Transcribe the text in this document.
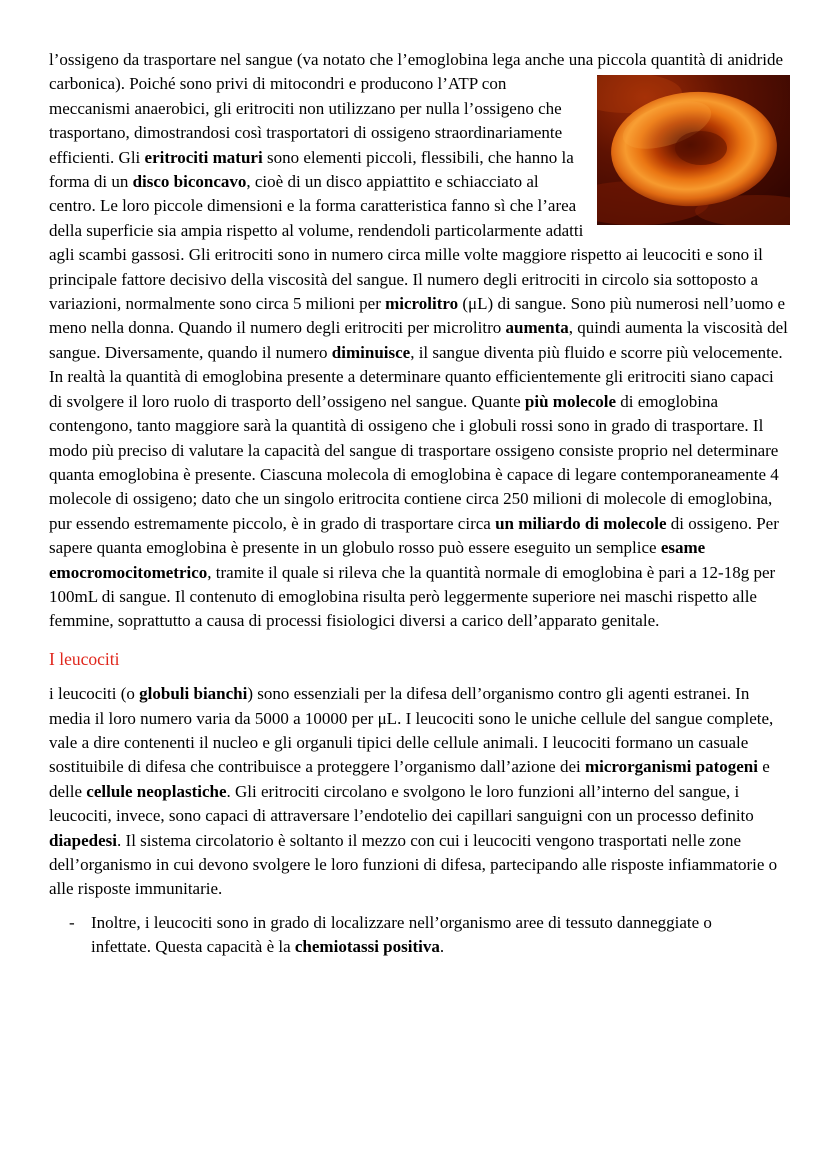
l’ossigeno da trasportare nel sangue (va notato che l’emoglobina lega anche una piccola quantità di anidride carbonica). Poiché sono privi di mitocondri e producono l’ATP con
meccanismi anaerobici, gli eritrociti non utilizzano per nulla l’ossigeno che trasportano, dimostrandosi così trasportatori di ossigeno straordinariamente efficienti. Gli eritrociti maturi sono elementi piccoli, flessibili, che hanno la forma di un disco biconcavo, cioè di un disco appiattito e schiacciato al centro. Le loro piccole dimensioni e la forma caratteristica fanno sì che l’area della superficie sia ampia rispetto al volume, rendendoli particolarmente adatti agli scambi gassosi. Gli eritrociti sono in numero circa mille volte maggiore rispetto ai leucociti e sono il principale fattore decisivo della viscosità del sangue. Il numero degli eritrociti in circolo sia sottoposto a variazioni, normalmente sono circa 5 milioni per microlitro (μL) di sangue. Sono più numerosi nell’uomo e meno nella donna. Quando il numero degli eritrociti per microlitro aumenta, quindi aumenta la viscosità del sangue. Diversamente, quando il numero diminuisce, il sangue diventa più fluido e scorre più velocemente. In realtà la quantità di emoglobina presente a determinare quanto efficientemente gli eritrociti siano capaci di svolgere il loro ruolo di trasporto dell’ossigeno nel sangue. Quante più molecole di emoglobina contengono, tanto maggiore sarà la quantità di ossigeno che i globuli rossi sono in grado di trasportare. Il modo più preciso di valutare la capacità del sangue di trasportare ossigeno consiste proprio nel determinare quanta emoglobina è presente. Ciascuna molecola di emoglobina è capace di legare contemporaneamente 4 molecole di ossigeno; dato che un singolo eritrocita contiene circa 250 milioni di molecole di emoglobina, pur essendo estremamente piccolo, è in grado di trasportare circa un miliardo di molecole di ossigeno. Per sapere quanta emoglobina è presente in un globulo rosso può essere eseguito un semplice esame emocromocitometrico, tramite il quale si rileva che la quantità normale di emoglobina è pari a 12-18g per 100mL di sangue. Il contenuto di emoglobina risulta però leggermente superiore nei maschi rispetto alle femmine, soprattutto a causa di processi fisiologici diversi a carico dell’apparato genitale.

I leucociti

i leucociti (o globuli bianchi) sono essenziali per la difesa dell’organismo contro gli agenti estranei. In media il loro numero varia da 5000 a 10000 per μL. I leucociti sono le uniche cellule del sangue complete, vale a dire contenenti il nucleo e gli organuli tipici delle cellule animali. I leucociti formano un casuale sostituibile di difesa che contribuisce a proteggere l’organismo dall’azione dei microrganismi patogeni e delle cellule neoplastiche. Gli eritrociti circolano e svolgono le loro funzioni all’interno del sangue, i leucociti, invece, sono capaci di attraversare l’endotelio dei capillari sanguigni con un processo definito diapedesi. Il sistema circolatorio è soltanto il mezzo con cui i leucociti vengono trasportati nelle zone dell’organismo in cui devono svolgere le loro funzioni di difesa, partecipando alle risposte infiammatorie o alle risposte immunitarie.

- Inoltre, i leucociti sono in grado di localizzare nell’organismo aree di tessuto danneggiate o infettate. Questa capacità è la chemiotassi positiva.
